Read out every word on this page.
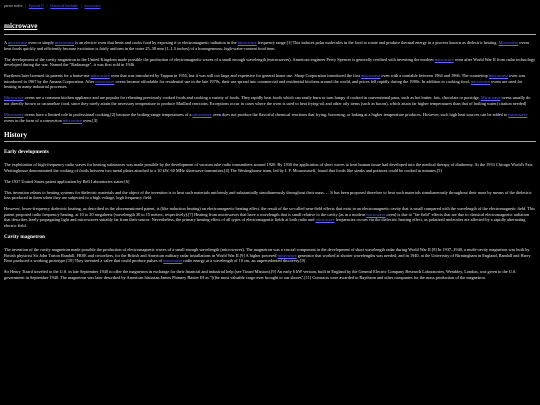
parent nodes: | Episode II | HistoricalArtefakte | microwave
microwave

A microwave oven or simply microwave is an electric oven that heats and cooks food by exposing it to electromagnetic radiation in the microwave frequency range.[1] This induces polar molecules in the food to rotate and produce thermal energy in a process known as dielectric heating. Microwave ovens heat foods quickly and efficiently because excitation is fairly uniform in the outer 25–38 mm (1–1.5 inches) of a homogeneous, high-water-content food item.

The development of the cavity magnetron in the United Kingdom made possible the production of electromagnetic waves of a small enough wavelength (microwaves). American engineer Percy Spencer is generally credited with inventing the modern microwave oven after World War II from radar technology developed during the war. Named the "Radarange", it was first sold in 1946.

Raytheon later licensed its patents for a home-use microwave oven that was introduced by Tappan in 1955, but it was still too large and expensive for general home use. Sharp Corporation introduced the first microwave oven with a turntable between 1964 and 1966. The countertop microwave oven was introduced in 1967 by the Amana Corporation. After microwave ovens became affordable for residential use in the late 1970s, their use spread into commercial and residential kitchens around the world, and prices fell rapidly during the 1980s. In addition to cooking food, microwave ovens are used for heating in many industrial processes.

Microwave ovens are a common kitchen appliance and are popular for reheating previously cooked foods and cooking a variety of foods. They rapidly heat foods which can easily burn or turn lumpy if cooked in conventional pans, such as hot butter, fats, chocolate or porridge. Microwave ovens usually do not directly brown or caramelize food, since they rarely attain the necessary temperature to produce Maillard reactions. Exceptions occur in cases where the oven is used to heat frying-oil and other oily items (such as bacon), which attain far higher temperatures than that of boiling water.[citation needed]

Microwave ovens have a limited role in professional cooking,[2] because the boiling-range temperatures of a microwave oven does not produce the flavorful chemical reactions that frying, browning, or baking at a higher temperature produces. However, such high heat sources can be added to microwave ovens in the form of a convection microwave oven.[3]

History
Early developments

The exploitation of high-frequency radio waves for heating substances was made possible by the development of vacuum tube radio transmitters around 1920. By 1930 the application of short waves to heat human tissue had developed into the medical therapy of diathermy. At the 1933 Chicago World's Fair, Westinghouse demonstrated the cooking of foods between two metal plates attached to a 10 kW, 60 MHz shortwave transmitter.[4] The Westinghouse team, led by I. F. Mouromtseff, found that foods like steaks and potatoes could be cooked in minutes.[5]

The 1937 United States patent application by Bell Laboratories states:[6]

This invention relates to heating systems for dielectric materials and the object of the invention is to heat such materials uniformly and substantially simultaneously throughout their mass. ... It has been proposed therefore to heat such materials simultaneously throughout their mass by means of the dielectric loss produced in them when they are subjected to a high voltage, high frequency field.

However, lower-frequency dielectric heating, as described in the aforementioned patent, is (like induction heating) an electromagnetic heating effect, the result of the so-called near-field effects that exist in an electromagnetic cavity that is small compared with the wavelength of the electromagnetic field. This patent proposed radio frequency heating, at 10 to 20 megahertz (wavelength 30 to 15 meters, respectively).[7] Heating from microwaves that have a wavelength that is small relative to the cavity (as in a modern microwave oven) is due to "far-field" effects that are due to classical electromagnetic radiation that describes freely propagating light and microwaves suitably far from their source. Nevertheless, the primary heating effect of all types of electromagnetic fields at both radio and microwave frequencies occurs via the dielectric heating effect, as polarized molecules are affected by a rapidly alternating electric field.

Cavity magnetron

The invention of the cavity magnetron made possible the production of electromagnetic waves of a small enough wavelength (microwaves). The magnetron was a crucial component in the development of short wavelength radar during World War II.[8] In 1937–1940, a multi-cavity magnetron was built by British physicist Sir John Turton Randall, FRSE and coworkers, for the British and American military radar installations in World War II.[9] A higher powered microwave generator that worked at shorter wavelengths was needed, and in 1940, at the University of Birmingham in England, Randall and Harry Boot produced a working prototype.[10] They invented a valve that could produce pulses of microwave radio energy at a wavelength of 10 cm, an unprecedented discovery.[9]

Sir Henry Tizard traveled to the U.S. in late September 1940 to offer the magnetron in exchange for their financial and industrial help (see Tizard Mission).[9] An early 6 kW version, built in England by the General Electric Company Research Laboratories, Wembley, London, was given to the U.S. government in September 1940. The magnetron was later described by American historian James Phinney Baxter III as "[t]he most valuable cargo ever brought to our shores".[11] Contracts were awarded to Raytheon and other companies for the mass production of the magnetron.
